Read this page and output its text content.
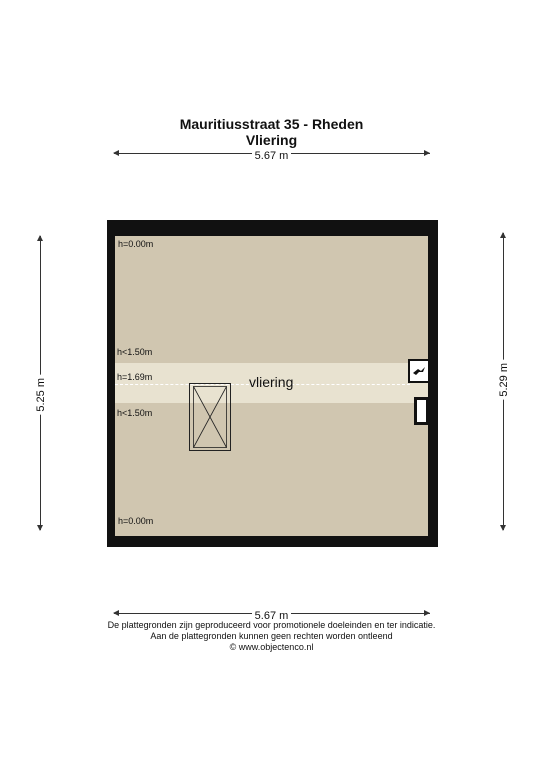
Mauritiusstraat 35 - Rheden
Vliering
5.67 m
5.25 m	5.29 m
h=0.00m
h<1.50m
h=1.69m
h<1.50m
h=0.00m
vliering
5.67 m
De plattegronden zijn geproduceerd voor promotionele doeleinden en ter indicatie.
Aan de plattegronden kunnen geen rechten worden ontleend
© www.objectenco.nl
